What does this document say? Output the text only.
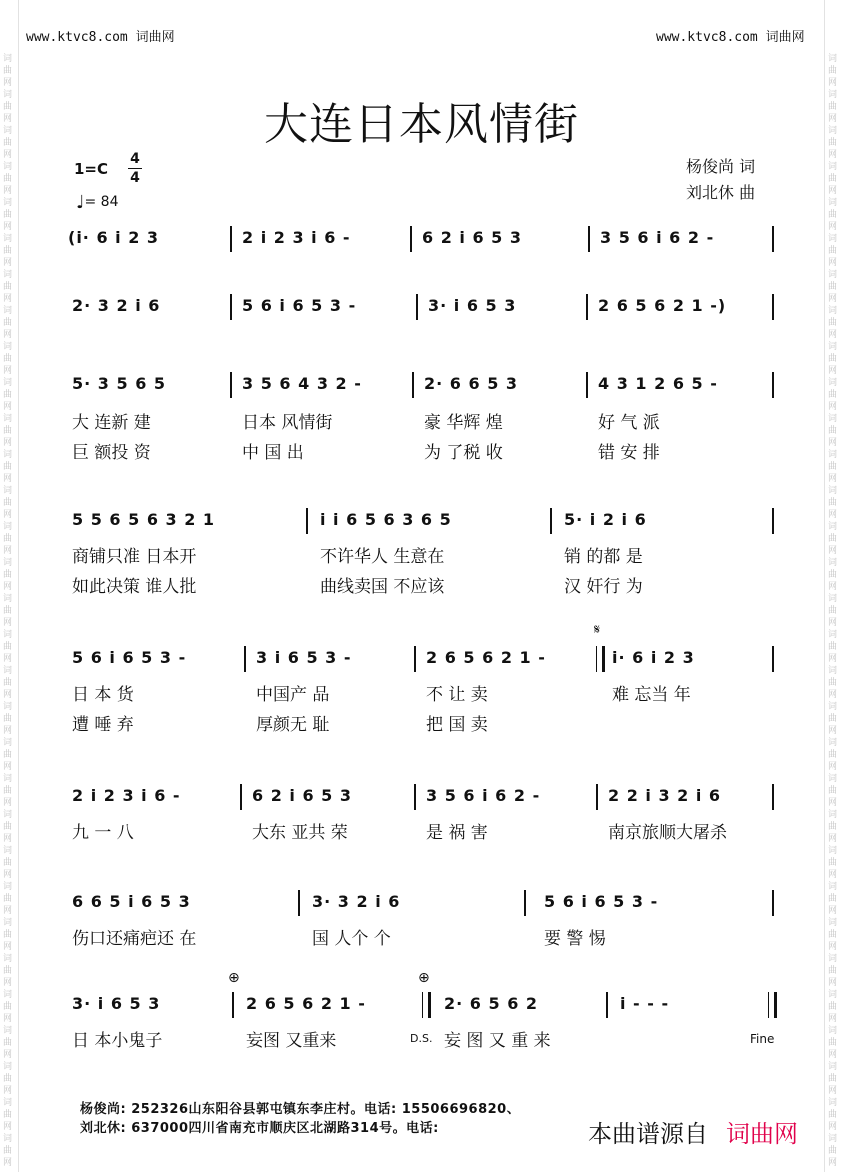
词
曲
网
词
曲
网
词
曲
网
词
曲
网
词
曲
网
词
曲
网
词
曲
网
词
曲
网
词
曲
网
词
曲
网
词
曲
网
词
曲
网
词
曲
网
词
曲
网
词
曲
网
词
曲
网
词
曲
网
词
曲
网
词
曲
网
词
曲
网
词
曲
网
词
曲
网
词
曲
网
词
曲
网
词
曲
网
词
曲
网
词
曲
网
词
曲
网
词
曲
网
词
曲
网
词
曲
网
词
曲
网
词
曲
网
词
曲
网
词
曲
网
词
曲
网
词
曲
网
词
曲
网
词
曲
网
词
曲
网
词
曲
网
词
曲
网
词
曲
网
词
曲
网
词
曲
网
词
曲
网
词
曲
网
词
曲
网
词
曲
网
词
曲
网
词
曲
网
词
曲
网
词
曲
网
词
曲
网
词
曲
网
词
曲
网
词
曲
网
词
曲
网
词
曲
网
词
曲
网
词
曲
网
词
曲
网
www.ktvc8.com 词曲网	www.ktvc8.com 词曲网
大连日本风情街
1=C
4
4
♩= 84
杨俊尚 词
刘北休 曲
(i· 6 i 2 3	2 i 2 3 i 6 -	6 2 i 6 5 3	3 5 6 i 6 2 -
2· 3 2 i 6	5 6 i 6 5 3 -	3· i 6 5 3	2 6 5 6 2 1 -)
5· 3 5 6 5	3 5 6 4 3 2 -	2· 6 6 5 3	4 3 1 2 6 5 -
大 连新 建	日本 风情街	豪 华辉 煌	好 气 派
巨 额投 资	中 国 出	为 了税 收	错 安 排
5 5 6 5 6 3 2 1	i i 6 5 6 3 6 5	5· i 2 i 6
商铺只准 日本开	不许华人 生意在	销 的都 是
如此决策 谁人批	曲线卖国 不应该	汉 奸行 为
𝄋
5 6 i 6 5 3 -	3 i 6 5 3 -	2 6 5 6 2 1 -	i· 6 i 2 3
日 本 货	中国产 品	不 让 卖	难 忘当 年
遭 唾 弃	厚颜无 耻	把 国 卖
2 i 2 3 i 6 -	6 2 i 6 5 3	3 5 6 i 6 2 -	2 2 i 3 2 i 6
九 一 八	大东 亚共 荣	是 祸 害	南京旅顺大屠杀
6 6 5 i 6 5 3	3· 3 2 i 6	5 6 i 6 5 3 -
伤口还痛疤还 在	国 人个 个	要 警 惕
⊕	⊕
3· i 6 5 3	2 6 5 6 2 1 -	2· 6 5 6 2	i - - -
日 本小鬼子	妄图 又重来	D.S. 妄 图 又 重 来	Fine
杨俊尚: 252326山东阳谷县郭屯镇东李庄村。电话: 15506696820、
刘北休: 637000四川省南充市顺庆区北湖路314号。电话:	本曲谱源自 词曲网
